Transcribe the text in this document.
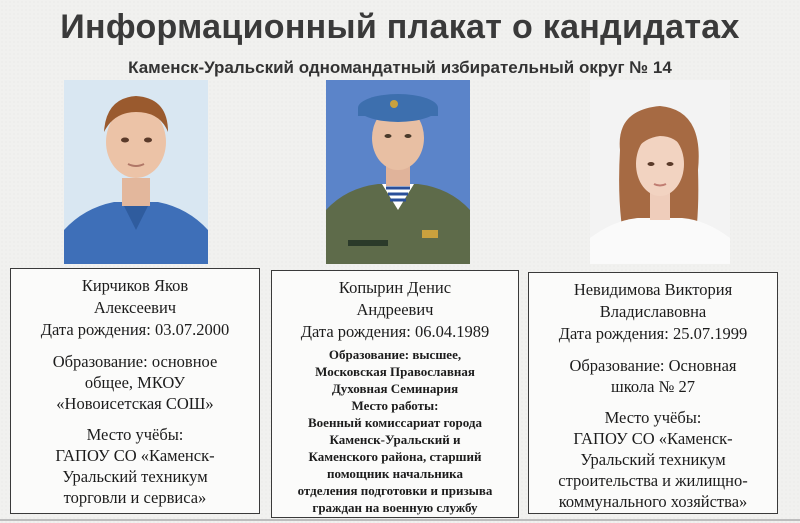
Информационный плакат о кандидатах
Каменск-Уральский одномандатный избирательный округ № 14
Кирчиков Яков
Алексеевич
Дата рождения: 03.07.2000
Образование: основное
общее, МКОУ
«Новоисетская СОШ»
Место учёбы:
ГАПОУ СО «Каменск-
Уральский техникум
торговли и сервиса»
Копырин Денис
Андреевич
Дата рождения: 06.04.1989
Образование: высшее,
Московская Православная
Духовная Семинария
Место работы:
Военный комиссариат города
Каменск-Уральский и
Каменского района, старший
помощник начальника
отделения подготовки и призыва
граждан на военную службу
Невидимова Виктория
Владиславовна
Дата рождения: 25.07.1999
Образование: Основная
школа № 27
Место учёбы:
ГАПОУ СО «Каменск-
Уральский техникум
строительства и жилищно-
коммунального хозяйства»
